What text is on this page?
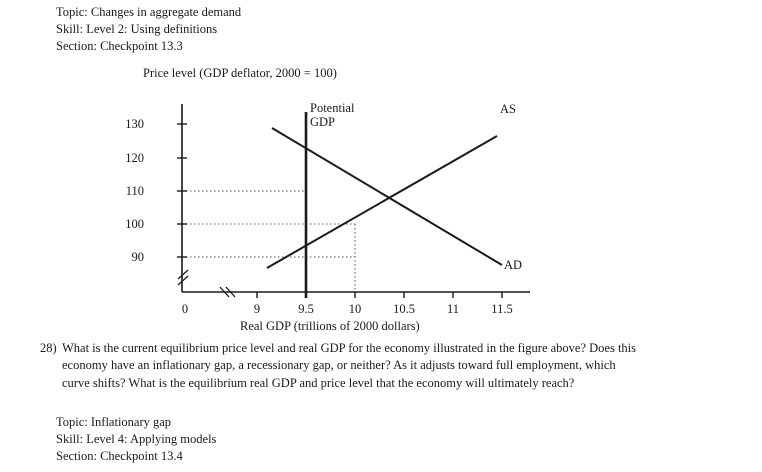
Topic: Changes in aggregate demand
Skill: Level 2: Using definitions
Section: Checkpoint 13.3
Price level (GDP deflator, 2000 = 100)
130
120
110
100
90
0	9	9.5	10	10.5	11	11.5
AS
AD
Potential
GDP
Real GDP (trillions of 2000 dollars)
28) What is the current equilibrium price level and real GDP for the economy illustrated in the figure above? Does this economy have an inflationary gap, a recessionary gap, or neither? As it adjusts toward full employment, which curve shifts? What is the equilibrium real GDP and price level that the economy will ultimately reach?
Topic: Inflationary gap
Skill: Level 4: Applying models
Section: Checkpoint 13.4
